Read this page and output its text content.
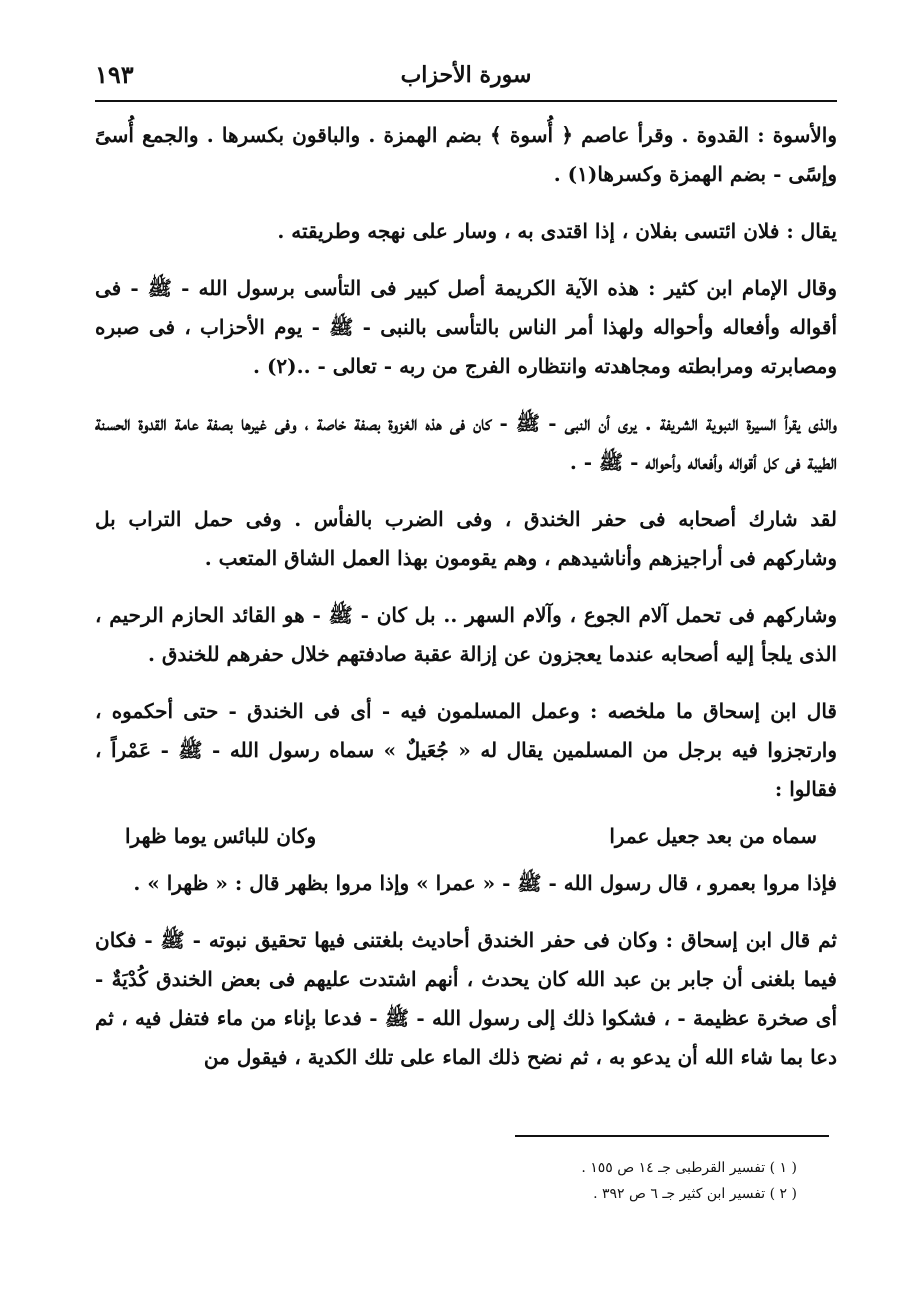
سورة الأحزاب
١٩٣

والأسوة : القدوة . وقرأ عاصم ﴿ أُسوة ﴾ بضم الهمزة . والباقون بكسرها . والجمع أُسىً وإسًى - بضم الهمزة وكسرها(١) .

يقال : فلان ائتسى بفلان ، إذا اقتدى به ، وسار على نهجه وطريقته .

وقال الإمام ابن كثير : هذه الآية الكريمة أصل كبير فى التأسى برسول الله - ﷺ - فى أقواله وأفعاله وأحواله ولهذا أمر الناس بالتأسى بالنبى - ﷺ - يوم الأحزاب ، فى صبره ومصابرته ومرابطته ومجاهدته وانتظاره الفرج من ربه - تعالى - ..(٢) .

والذى يقرأ السيرة النبوية الشريفة . يرى أن النبى - ﷺ - كان فى هذه الغزوة بصفة خاصة ، وفى غيرها بصفة عامة القدوة الحسنة الطيبة فى كل أقواله وأفعاله وأحواله - ﷺ - .

لقد شارك أصحابه فى حفر الخندق ، وفى الضرب بالفأس . وفى حمل التراب بل وشاركهم فى أراجيزهم وأناشيدهم ، وهم يقومون بهذا العمل الشاق المتعب .

وشاركهم فى تحمل آلام الجوع ، وآلام السهر .. بل كان - ﷺ - هو القائد الحازم الرحيم ، الذى يلجأ إليه أصحابه عندما يعجزون عن إزالة عقبة صادفتهم خلال حفرهم للخندق .

قال ابن إسحاق ما ملخصه : وعمل المسلمون فيه - أى فى الخندق - حتى أحكموه ، وارتجزوا فيه برجل من المسلمين يقال له « جُعَيلٌ » سماه رسول الله - ﷺ - عَمْراً ، فقالوا :

سماه من بعد جعيل عمرا
وكان للبائس يوما ظهرا

فإذا مروا بعمرو ، قال رسول الله - ﷺ - « عمرا » وإذا مروا بظهر قال : « ظهرا » .

ثم قال ابن إسحاق : وكان فى حفر الخندق أحاديث بلغتنى فيها تحقيق نبوته - ﷺ - فكان فيما بلغنى أن جابر بن عبد الله كان يحدث ، أنهم اشتدت عليهم فى بعض الخندق كُدْيَةٌ - أى صخرة عظيمة - ، فشكوا ذلك إلى رسول الله - ﷺ - فدعا بإناء من ماء فتفل فيه ، ثم دعا بما شاء الله أن يدعو به ، ثم نضح ذلك الماء على تلك الكدية ، فيقول من

( ١ ) تفسير القرطبى جـ ١٤ ص ١٥٥ .

( ٢ ) تفسير ابن كثير جـ ٦ ص ٣٩٢ .
